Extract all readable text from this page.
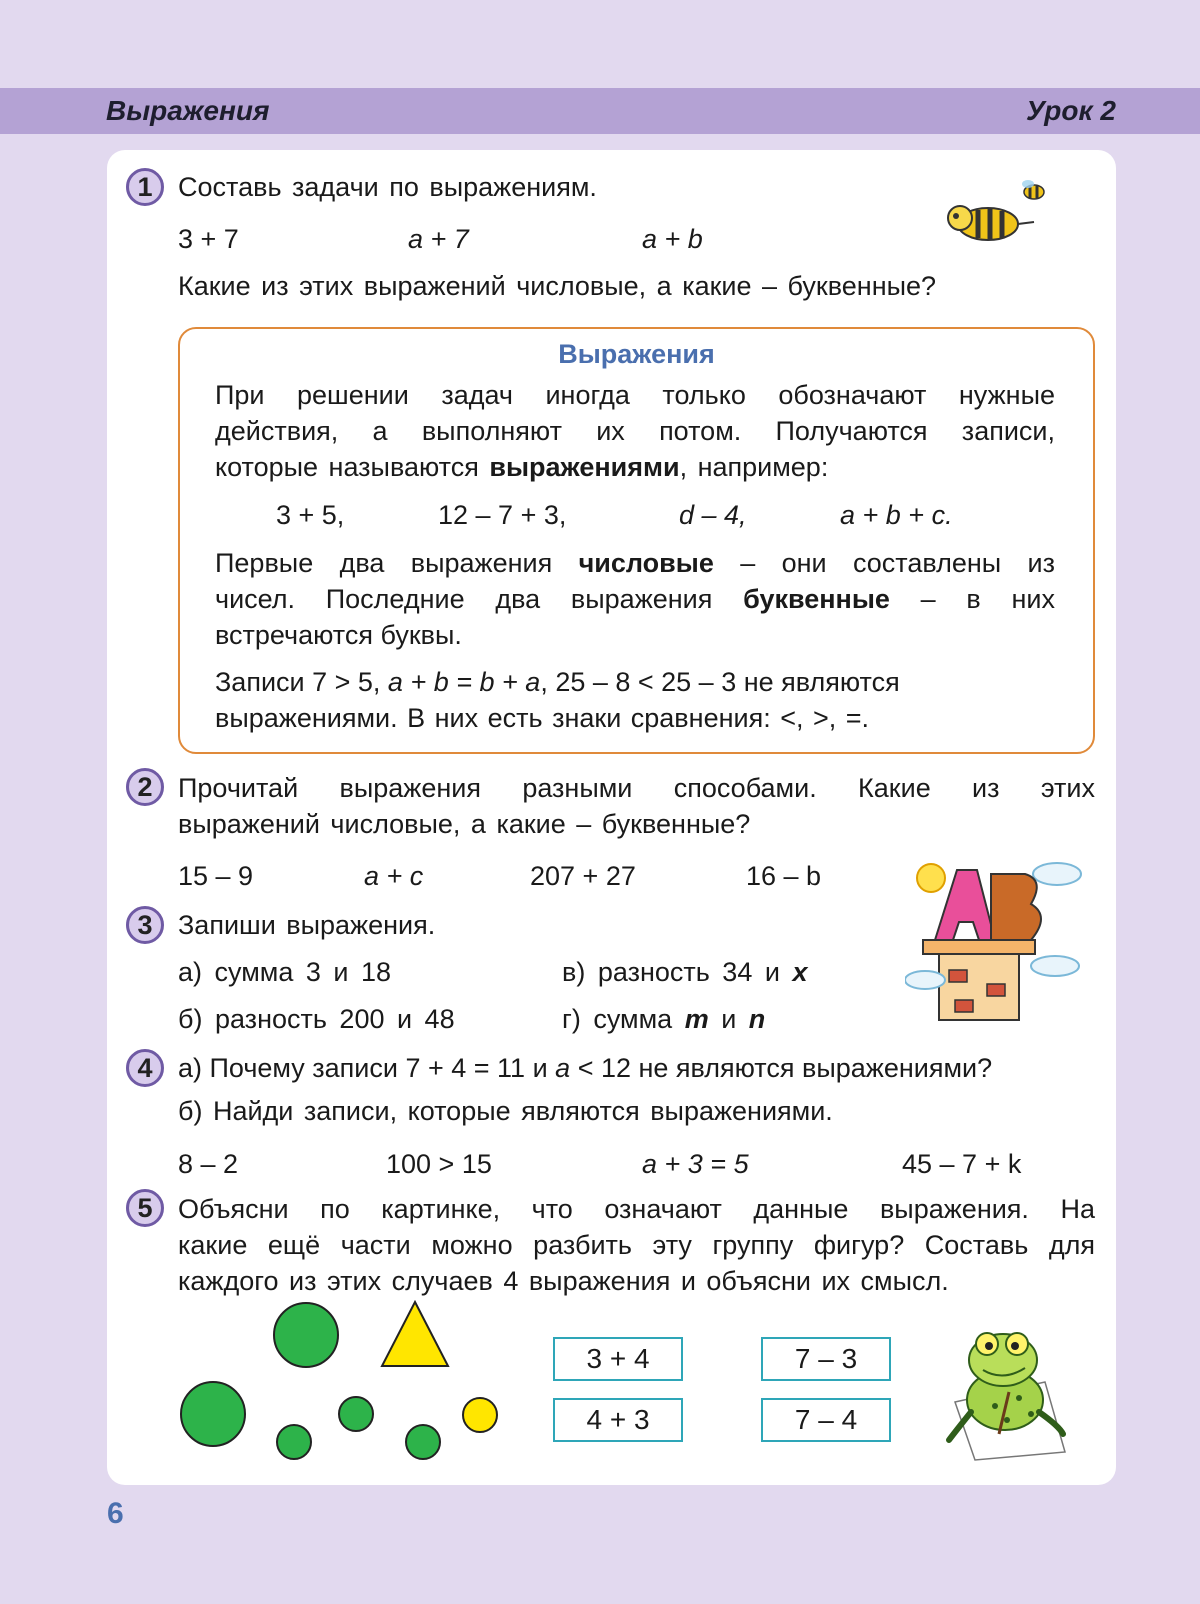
Выражения	Урок 2
1 Составь задачи по выражениям.
3 + 7	a + 7	a + b
Какие из этих выражений числовые, а какие – буквенные?
Выражения
При решении задач иногда только обозначают нужные
действия, а выполняют их потом. Получаются записи,
которые называются выражениями, например:
3 + 5,	12 – 7 + 3,	d – 4,	a + b + c.
Первые два выражения числовые – они составлены из
чисел. Последние два выражения буквенные – в них
встречаются буквы.
Записи 7 > 5, a + b = b + a, 25 – 8 < 25 – 3 не являются
выражениями. В них есть знаки сравнения: <, >, =.
2 Прочитай выражения разными способами. Какие из этих
выражений числовые, а какие – буквенные?
15 – 9	a + c	207 + 27	16 – b
3 Запиши выражения.
а) сумма 3 и 18	в) разность 34 и x
б) разность 200 и 48	г) сумма m и n
4 а) Почему записи 7 + 4 = 11 и a < 12 не являются выражениями?
б) Найди записи, которые являются выражениями.
8 – 2	100 > 15	a + 3 = 5	45 – 7 + k
5 Объясни по картинке, что означают данные выражения. На
какие ещё части можно разбить эту группу фигур? Составь для
каждого из этих случаев 4 выражения и объясни их смысл.
3 + 4	7 – 3
4 + 3	7 – 4
6
